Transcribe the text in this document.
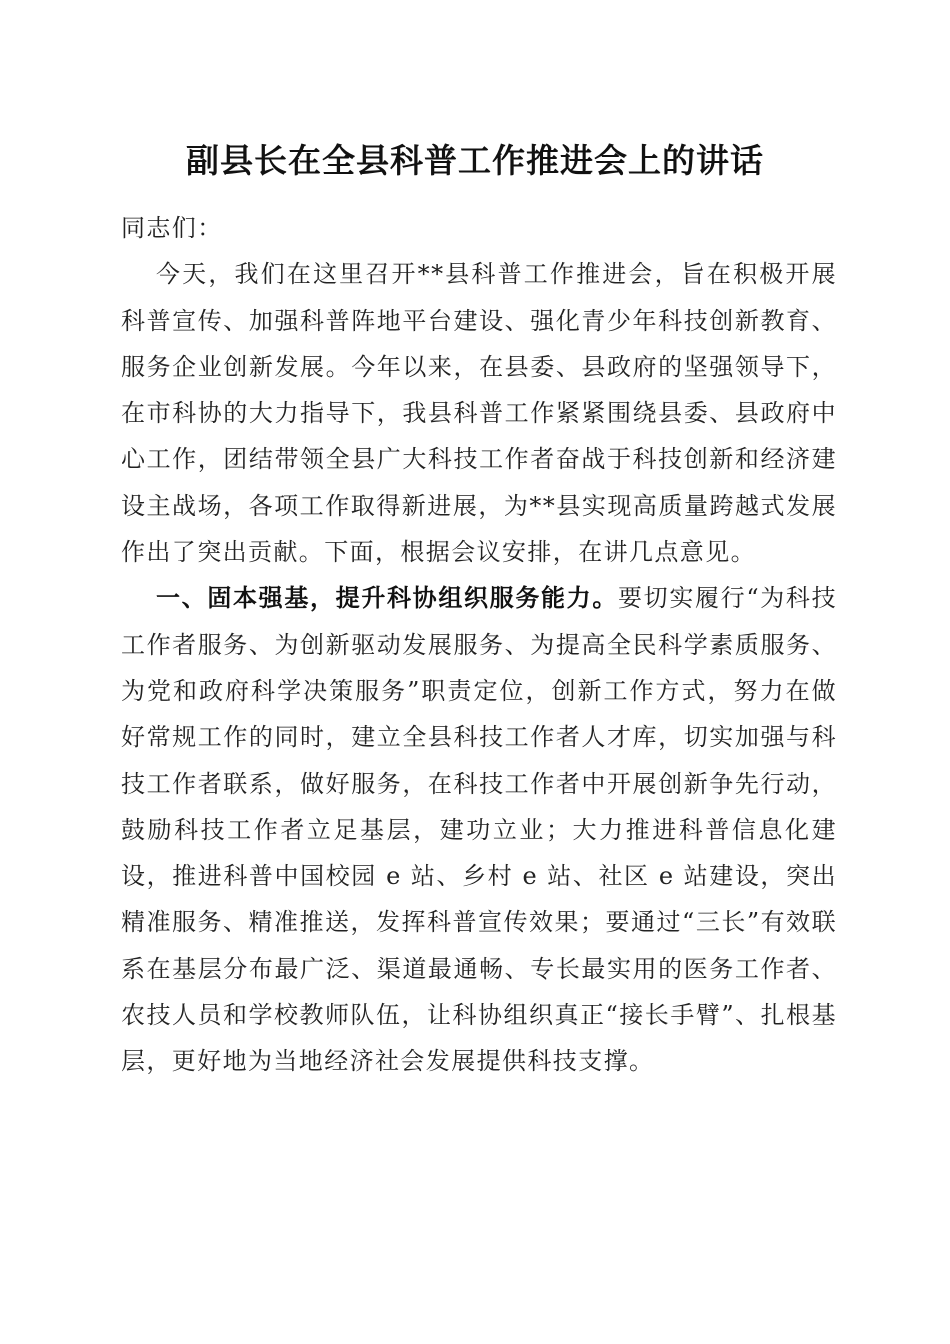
副县长在全县科普工作推进会上的讲话

同志们：

今天，我们在这里召开**县科普工作推进会，旨在积极开展科普宣传、加强科普阵地平台建设、强化青少年科技创新教育、服务企业创新发展。今年以来，在县委、县政府的坚强领导下，在市科协的大力指导下，我县科普工作紧紧围绕县委、县政府中心工作，团结带领全县广大科技工作者奋战于科技创新和经济建设主战场，各项工作取得新进展，为**县实现高质量跨越式发展作出了突出贡献。下面，根据会议安排，在讲几点意见。

一、固本强基，提升科协组织服务能力。要切实履行“为科技工作者服务、为创新驱动发展服务、为提高全民科学素质服务、为党和政府科学决策服务”职责定位，创新工作方式，努力在做好常规工作的同时，建立全县科技工作者人才库，切实加强与科技工作者联系，做好服务，在科技工作者中开展创新争先行动，鼓励科技工作者立足基层，建功立业；大力推进科普信息化建设，推进科普中国校园 e 站、乡村 e 站、社区 e 站建设，突出精准服务、精准推送，发挥科普宣传效果；要通过“三长”有效联系在基层分布最广泛、渠道最通畅、专长最实用的医务工作者、农技人员和学校教师队伍，让科协组织真正“接长手臂”、扎根基层，更好地为当地经济社会发展提供科技支撑。
